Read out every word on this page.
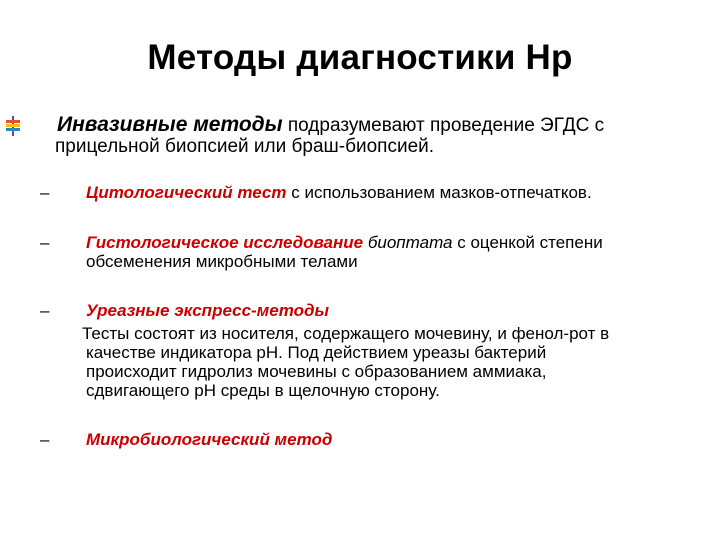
Методы диагностики Нр
Инвазивные методы подразумевают проведение ЭГДС с
прицельной биопсией или браш-биопсией.
– Цитологический тест с использованием мазков-отпечатков.
– Гистологическое исследование биоптата с оценкой степени
обсеменения микробными телами
– Уреазные экспресс-методы
Тесты состоят из носителя, содержащего мочевину, и фенол-рот в
качестве индикатора рН. Под действием уреазы бактерий
происходит гидролиз мочевины с образованием аммиака,
сдвигающего рН среды в щелочную сторону.
– Микробиологический метод
